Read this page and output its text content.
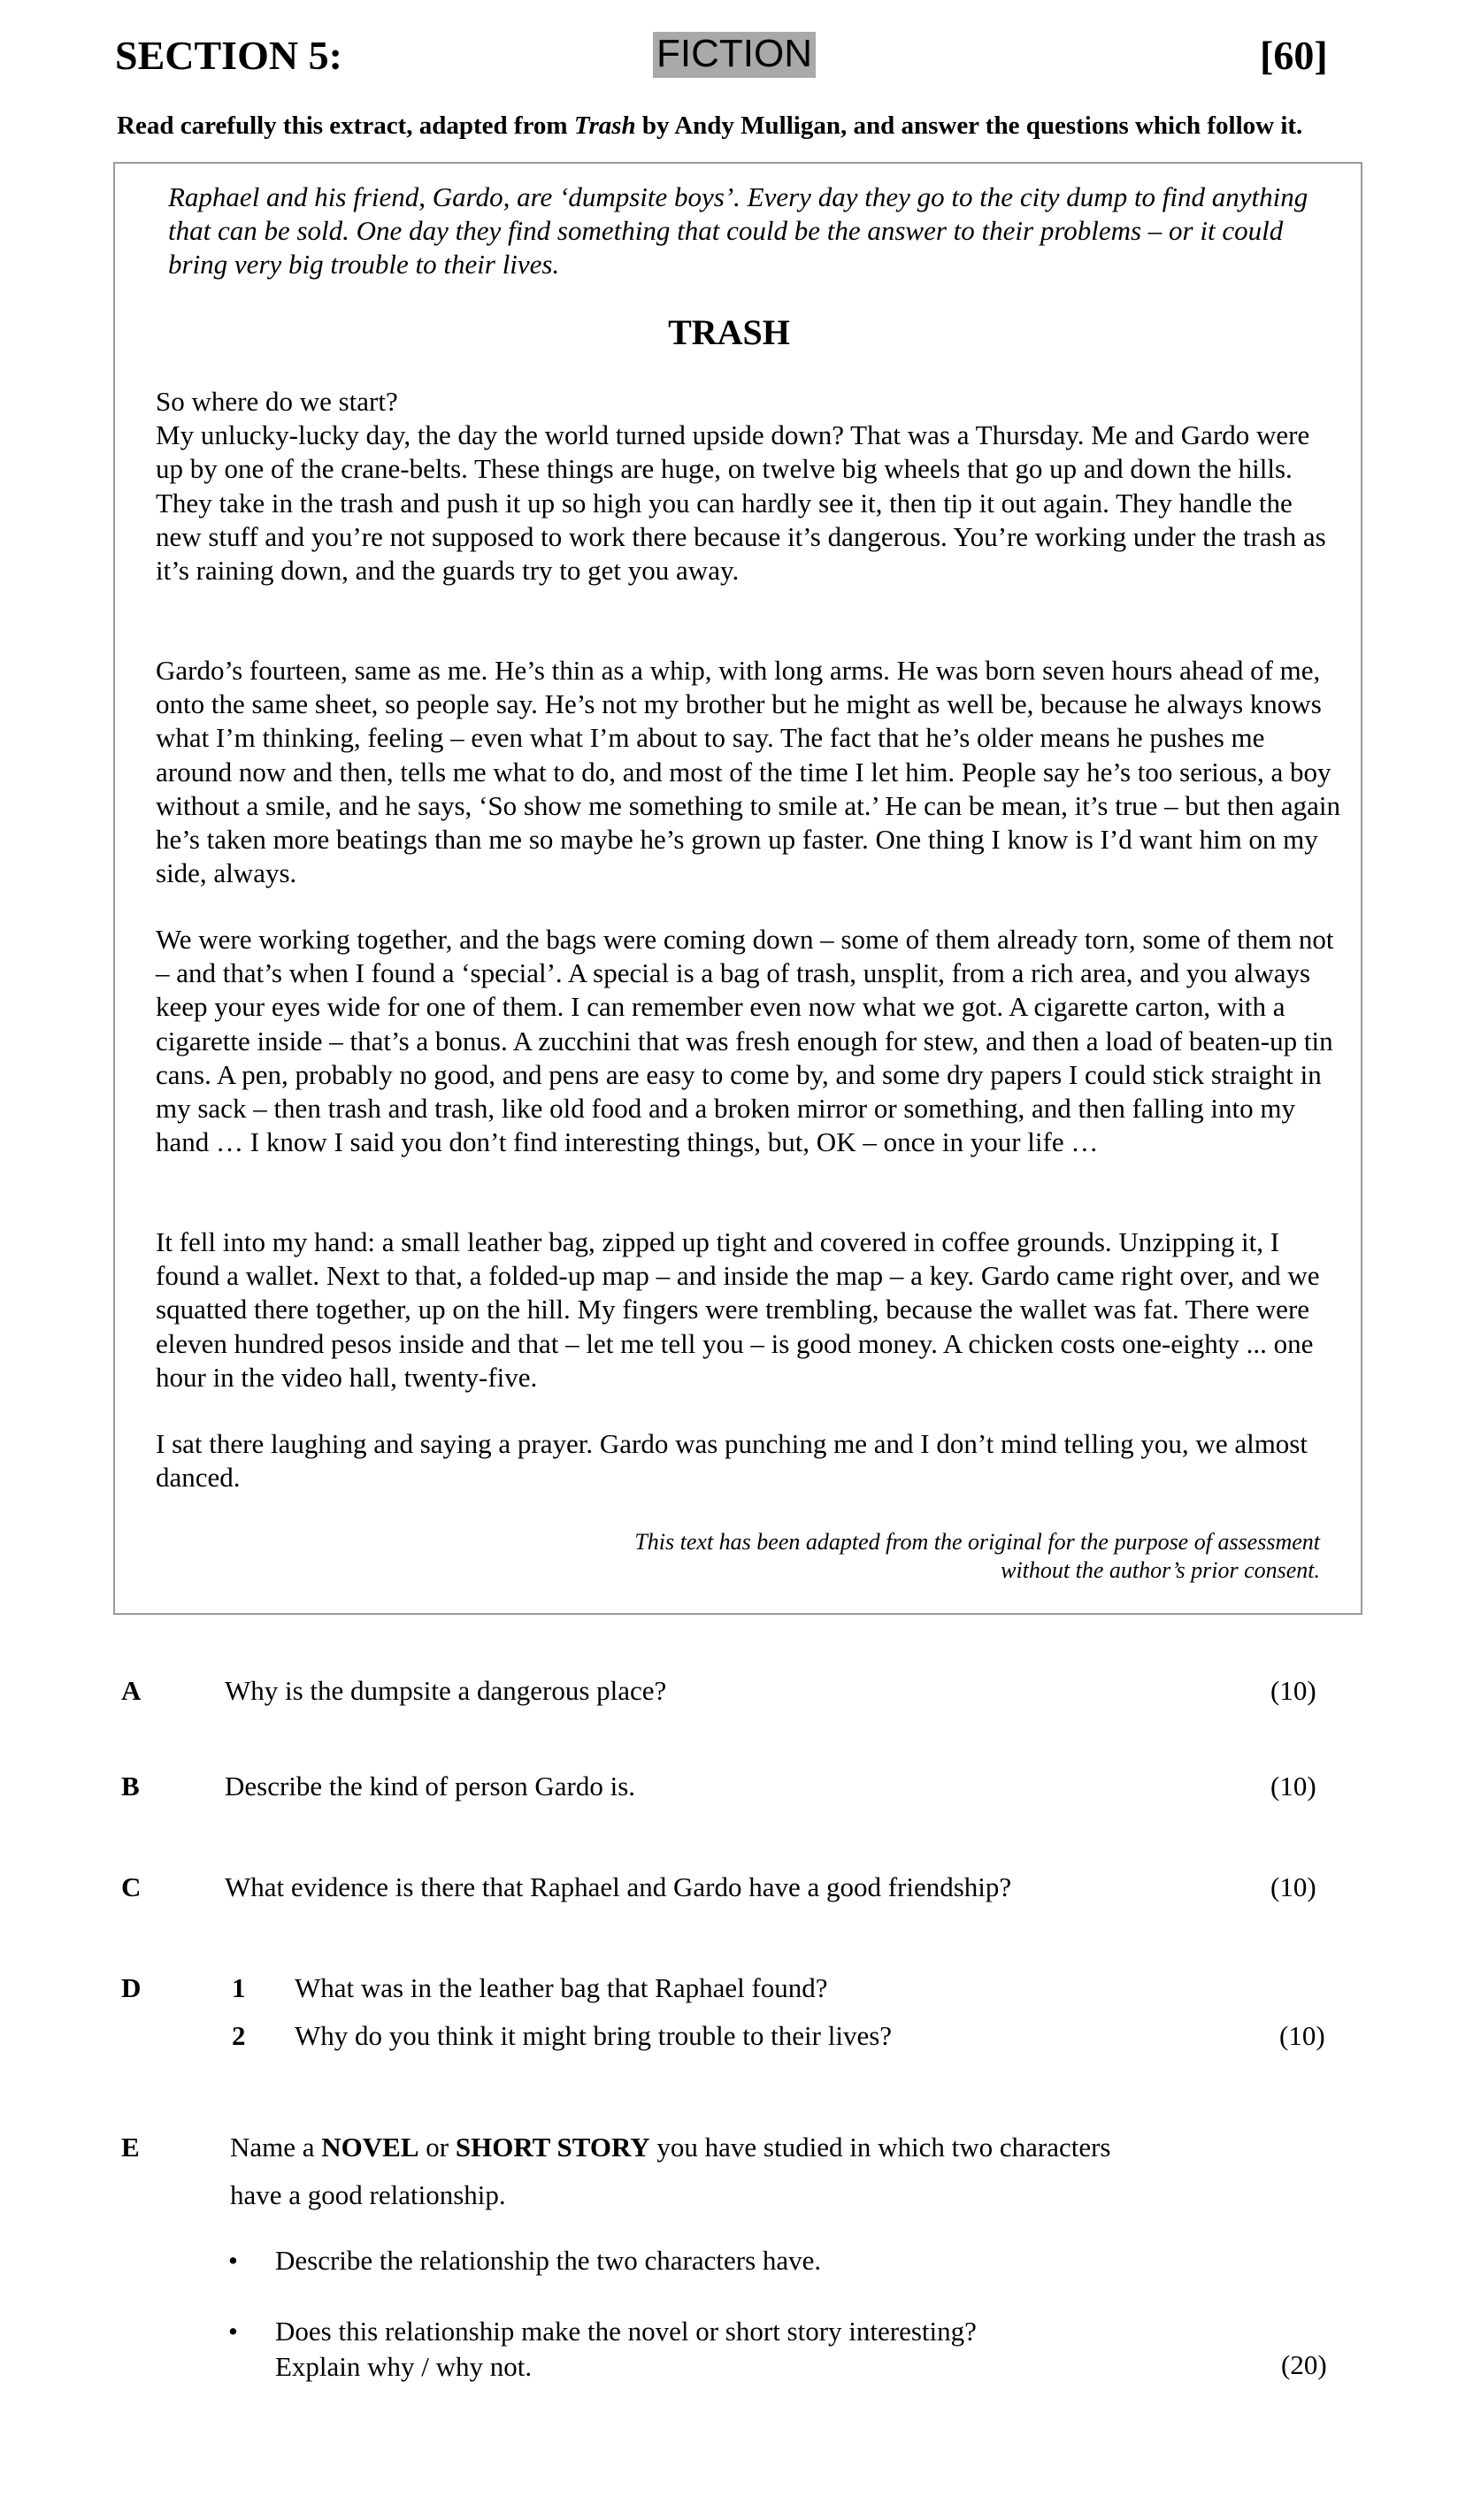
SECTION 5:	FICTION	[60]
Read carefully this extract, adapted from Trash by Andy Mulligan, and answer the questions which follow it.
Raphael and his friend, Gardo, are ‘dumpsite boys’. Every day they go to the city dump to find anything that can be sold. One day they find something that could be the answer to their problems – or it could bring very big trouble to their lives.
TRASH
So where do we start?
My unlucky-lucky day, the day the world turned upside down? That was a Thursday. Me and Gardo were up by one of the crane-belts. These things are huge, on twelve big wheels that go up and down the hills. They take in the trash and push it up so high you can hardly see it, then tip it out again. They handle the new stuff and you’re not supposed to work there because it’s dangerous. You’re working under the trash as it’s raining down, and the guards try to get you away.
Gardo’s fourteen, same as me. He’s thin as a whip, with long arms. He was born seven hours ahead of me, onto the same sheet, so people say. He’s not my brother but he might as well be, because he always knows what I’m thinking, feeling – even what I’m about to say. The fact that he’s older means he pushes me around now and then, tells me what to do, and most of the time I let him. People say he’s too serious, a boy without a smile, and he says, ‘So show me something to smile at.’ He can be mean, it’s true – but then again he’s taken more beatings than me so maybe he’s grown up faster. One thing I know is I’d want him on my side, always.
We were working together, and the bags were coming down – some of them already torn, some of them not – and that’s when I found a ‘special’. A special is a bag of trash, unsplit, from a rich area, and you always keep your eyes wide for one of them. I can remember even now what we got. A cigarette carton, with a cigarette inside – that’s a bonus. A zucchini that was fresh enough for stew, and then a load of beaten-up tin cans. A pen, probably no good, and pens are easy to come by, and some dry papers I could stick straight in my sack – then trash and trash, like old food and a broken mirror or something, and then falling into my hand … I know I said you don’t find interesting things, but, OK – once in your life …
It fell into my hand: a small leather bag, zipped up tight and covered in coffee grounds. Unzipping it, I found a wallet. Next to that, a folded-up map – and inside the map – a key. Gardo came right over, and we squatted there together, up on the hill. My fingers were trembling, because the wallet was fat. There were eleven hundred pesos inside and that – let me tell you – is good money. A chicken costs one-eighty ... one hour in the video hall, twenty-five.
I sat there laughing and saying a prayer. Gardo was punching me and I don’t mind telling you, we almost danced.
This text has been adapted from the original for the purpose of assessment
without the author’s prior consent.
A	Why is the dumpsite a dangerous place?	(10)
B	Describe the kind of person Gardo is.	(10)
C	What evidence is there that Raphael and Gardo have a good friendship?	(10)
D	1 What was in the leather bag that Raphael found?
2 Why do you think it might bring trouble to their lives?	(10)
E	Name a NOVEL or SHORT STORY you have studied in which two characters
have a good relationship.
• Describe the relationship the two characters have.
• Does this relationship make the novel or short story interesting?
Explain why / why not.	(20)
